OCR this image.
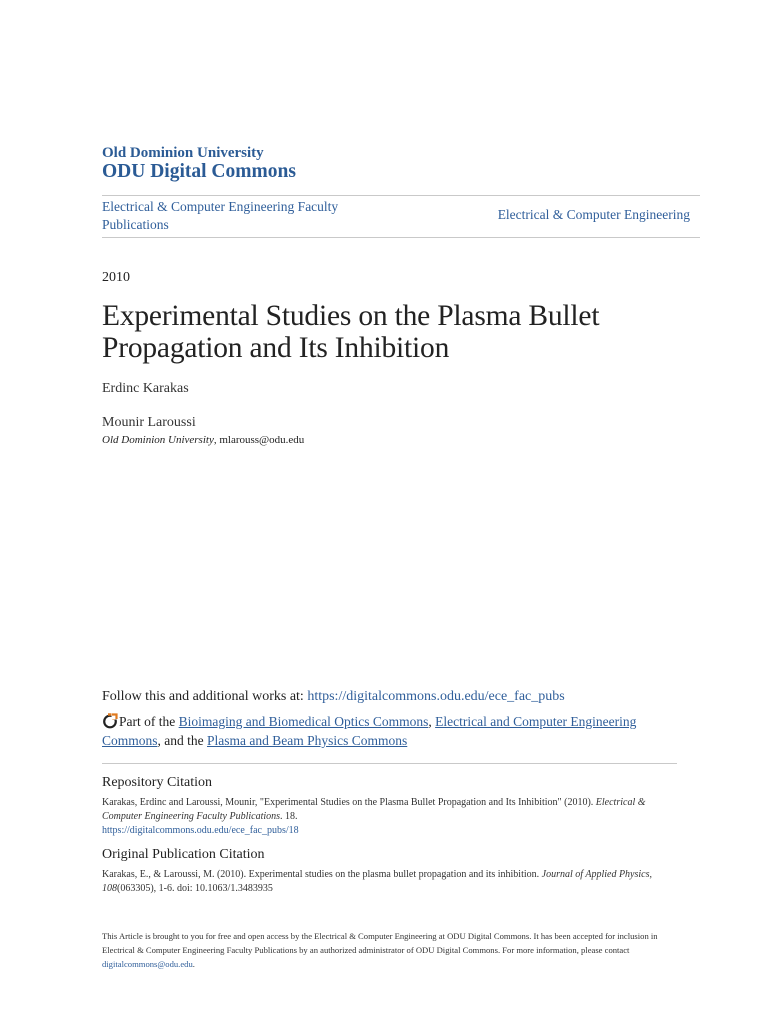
Old Dominion University
ODU Digital Commons
Electrical & Computer Engineering Faculty Publications
Electrical & Computer Engineering
2010
Experimental Studies on the Plasma Bullet Propagation and Its Inhibition
Erdinc Karakas
Mounir Laroussi
Old Dominion University, mlarouss@odu.edu
Follow this and additional works at: https://digitalcommons.odu.edu/ece_fac_pubs
Part of the Bioimaging and Biomedical Optics Commons, Electrical and Computer Engineering Commons, and the Plasma and Beam Physics Commons
Repository Citation
Karakas, Erdinc and Laroussi, Mounir, "Experimental Studies on the Plasma Bullet Propagation and Its Inhibition" (2010). Electrical & Computer Engineering Faculty Publications. 18.
https://digitalcommons.odu.edu/ece_fac_pubs/18
Original Publication Citation
Karakas, E., & Laroussi, M. (2010). Experimental studies on the plasma bullet propagation and its inhibition. Journal of Applied Physics, 108(063305), 1-6. doi: 10.1063/1.3483935
This Article is brought to you for free and open access by the Electrical & Computer Engineering at ODU Digital Commons. It has been accepted for inclusion in Electrical & Computer Engineering Faculty Publications by an authorized administrator of ODU Digital Commons. For more information, please contact digitalcommons@odu.edu.
